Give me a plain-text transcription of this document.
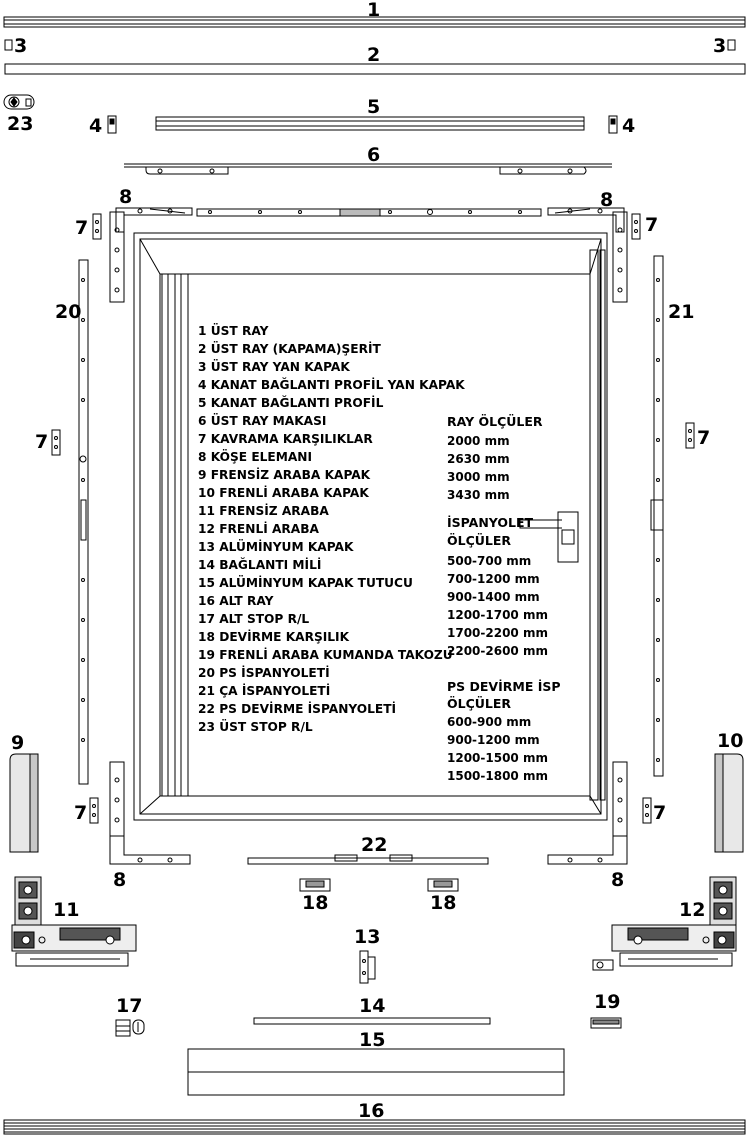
1
3	3
2
23	4	4
5
6
8	8
7	7
20	21
7	7
9	10
7	7
22
8	8
18	18
11	12
13
17	19
14
15
16
1 ÜST RAY
2 ÜST RAY (KAPAMA)ŞERİT
3 ÜST RAY YAN KAPAK
4 KANAT BAĞLANTI PROFİL YAN KAPAK
5 KANAT BAĞLANTI PROFİL
6 ÜST RAY MAKASI
7 KAVRAMA KARŞILIKLAR
8 KÖŞE ELEMANI
9 FRENSİZ ARABA KAPAK
10 FRENLİ ARABA KAPAK
11 FRENSİZ ARABA
12 FRENLİ ARABA
13 ALÜMİNYUM KAPAK
14 BAĞLANTI MİLİ
15 ALÜMİNYUM KAPAK TUTUCU
16 ALT RAY
17 ALT STOP R/L
18 DEVİRME KARŞILIK
19 FRENLİ ARABA KUMANDA TAKOZU
20 PS İSPANYOLETİ
21 ÇA İSPANYOLETİ
22 PS DEVİRME İSPANYOLETİ
23 ÜST STOP R/L
RAY ÖLÇÜLER
2000 mm
2630 mm
3000 mm
3430 mm
İSPANYOLET
ÖLÇÜLER
500-700 mm
700-1200 mm
900-1400 mm
1200-1700 mm
1700-2200 mm
2200-2600 mm
PS DEVİRME İSP
ÖLÇÜLER
600-900 mm
900-1200 mm
1200-1500 mm
1500-1800 mm
